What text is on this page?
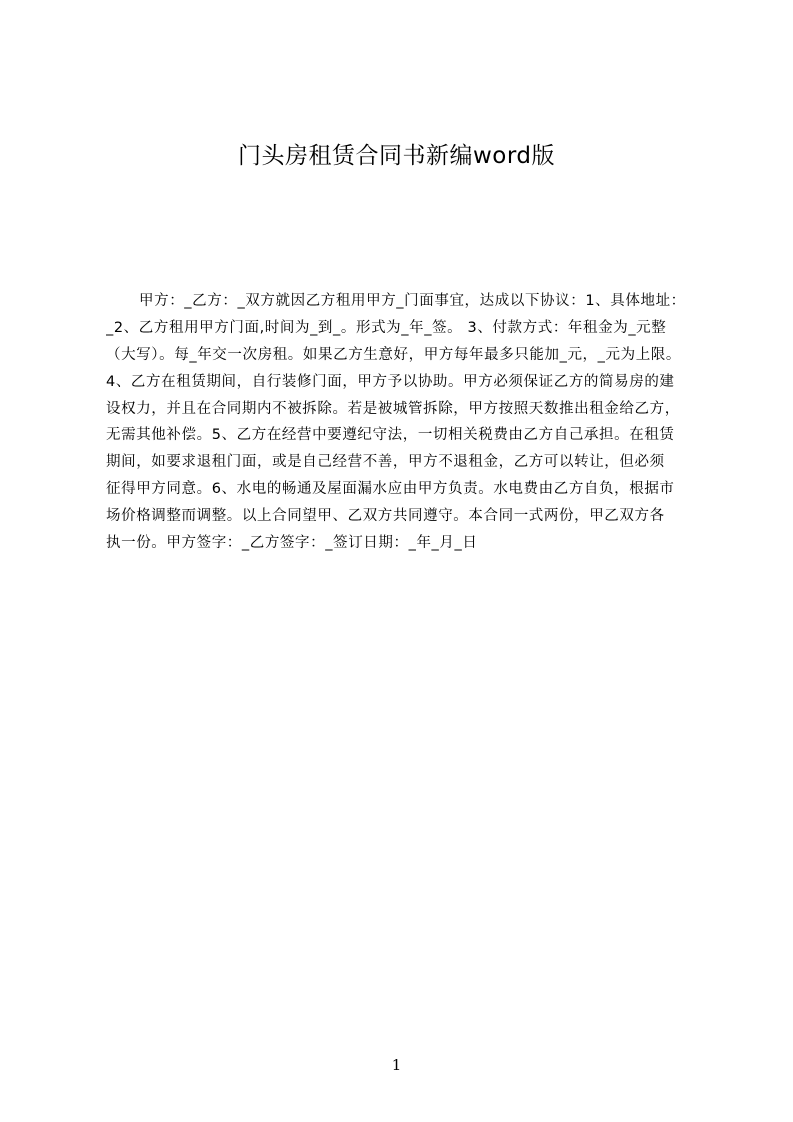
门头房租赁合同书新编word版
甲方：_乙方：_双方就因乙方租用甲方_门面事宜，达成以下协议：1、具体地址：
_2、乙方租用甲方门面,时间为_到_。形式为_年_签。 3、付款方式：年租金为_元整
（大写）。每_年交一次房租。如果乙方生意好，甲方每年最多只能加_元，_元为上限。
4、乙方在租赁期间，自行装修门面，甲方予以协助。甲方必须保证乙方的简易房的建
设权力，并且在合同期内不被拆除。若是被城管拆除，甲方按照天数推出租金给乙方，
无需其他补偿。5、乙方在经营中要遵纪守法，一切相关税费由乙方自己承担。在租赁
期间，如要求退租门面，或是自己经营不善，甲方不退租金，乙方可以转让，但必须
征得甲方同意。6、水电的畅通及屋面漏水应由甲方负责。水电费由乙方自负，根据市
场价格调整而调整。以上合同望甲、乙双方共同遵守。本合同一式两份，甲乙双方各
执一份。甲方签字：_乙方签字：_签订日期：_年_月_日
1
